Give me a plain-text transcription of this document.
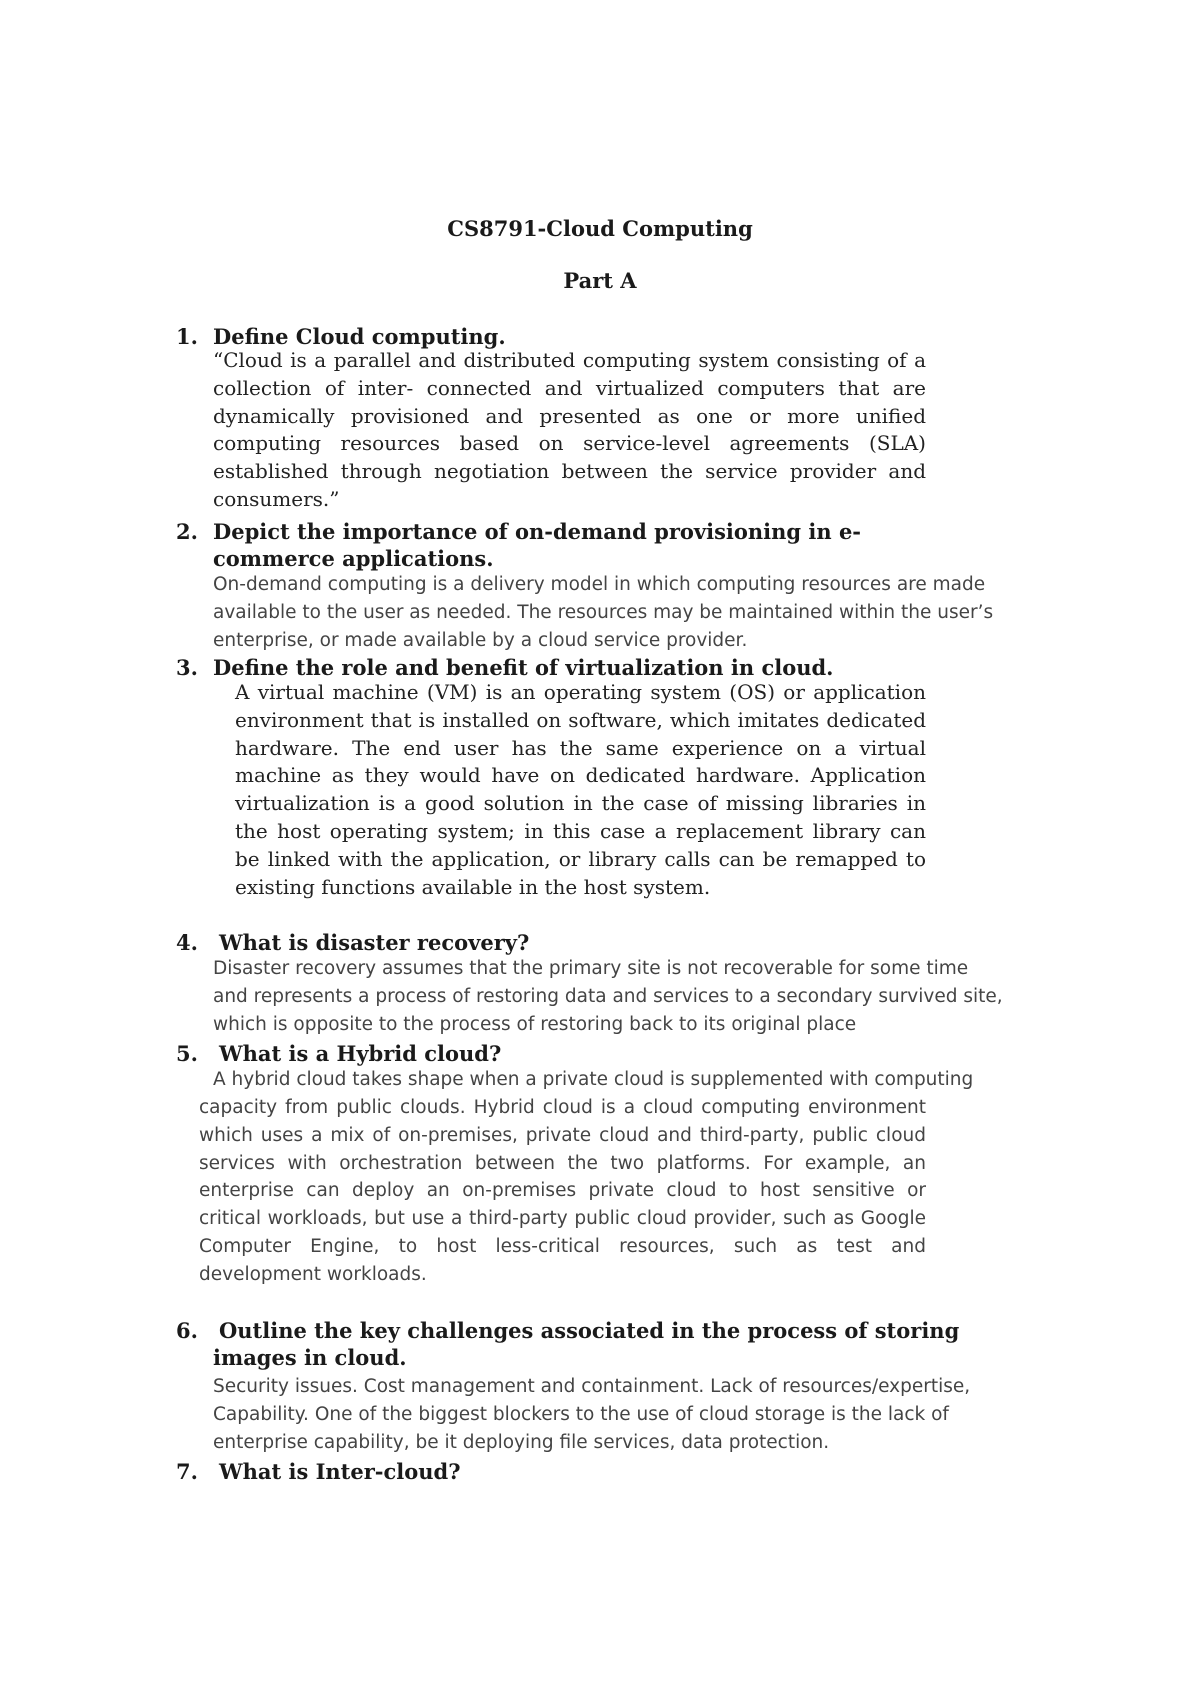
CS8791-Cloud Computing
Part A
1. Define Cloud computing.
“Cloud is a parallel and distributed computing system consisting of a collection of inter- connected and virtualized computers that are dynamically provisioned and presented as one or more unified computing resources based on service-level agreements (SLA) established through negotiation between the service provider and consumers.”
2. Depict the importance of on-demand provisioning in e-commerce applications.
On-demand computing is a delivery model in which computing resources are made
available to the user as needed. The resources may be maintained within the user’s
enterprise, or made available by a cloud service provider.
3. Define the role and benefit of virtualization in cloud.
A virtual machine (VM) is an operating system (OS) or application environment that is installed on software, which imitates dedicated hardware. The end user has the same experience on a virtual machine as they would have on dedicated hardware. Application virtualization is a good solution in the case of missing libraries in the host operating system; in this case a replacement library can be linked with the application, or library calls can be remapped to existing functions available in the host system.
4. What is disaster recovery?
Disaster recovery assumes that the primary site is not recoverable for some time
and represents a process of restoring data and services to a secondary survived site,
which is opposite to the process of restoring back to its original place
5. What is a Hybrid cloud?
A hybrid cloud takes shape when a private cloud is supplemented with computing
capacity from public clouds. Hybrid cloud is a cloud computing environment which uses a mix of on-premises, private cloud and third-party, public cloud services with orchestration between the two platforms. For example, an enterprise can deploy an on-premises private cloud to host sensitive or critical workloads, but use a third-party public cloud provider, such as Google Computer Engine, to host less-critical resources, such as test and development workloads.
6. Outline the key challenges associated in the process of storing images in cloud.
Security issues. Cost management and containment. Lack of resources/expertise,
Capability. One of the biggest blockers to the use of cloud storage is the lack of
enterprise capability, be it deploying file services, data protection.
7. What is Inter-cloud?
